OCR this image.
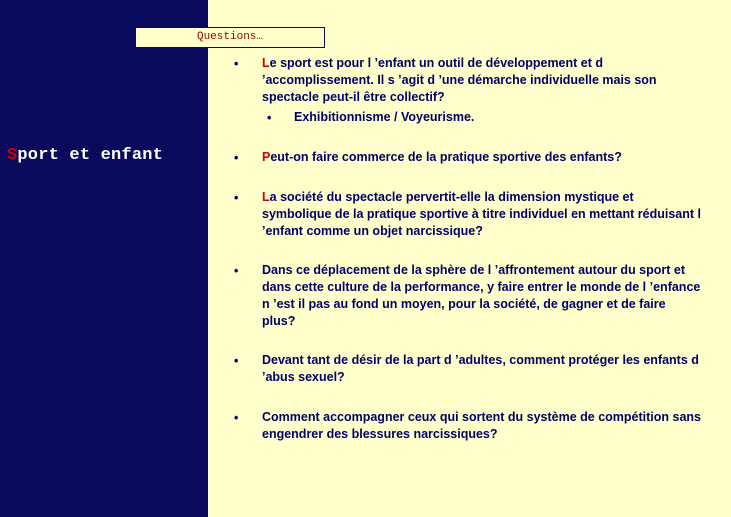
Sport et enfant
Questions…
• Le sport est pour l ’enfant un outil de développement et d ’accomplissement. Il s ’agit d ’une démarche individuelle mais son spectacle peut-il être collectif?
• Exhibitionnisme / Voyeurisme.
• Peut-on faire commerce de la pratique sportive des enfants?
• La société du spectacle pervertit-elle la dimension mystique et symbolique de la pratique sportive à titre individuel en mettant réduisant l ’enfant comme un objet narcissique?
• Dans ce déplacement de la sphère de l ’affrontement autour du sport et dans cette culture de la performance, y faire entrer le monde de l ’enfance n ’est il pas au fond un moyen, pour la société, de gagner et de faire plus?
• Devant tant de désir de la part d ’adultes, comment protéger les enfants d ’abus sexuel?
• Comment accompagner ceux qui sortent du système de compétition sans engendrer des blessures narcissiques?
